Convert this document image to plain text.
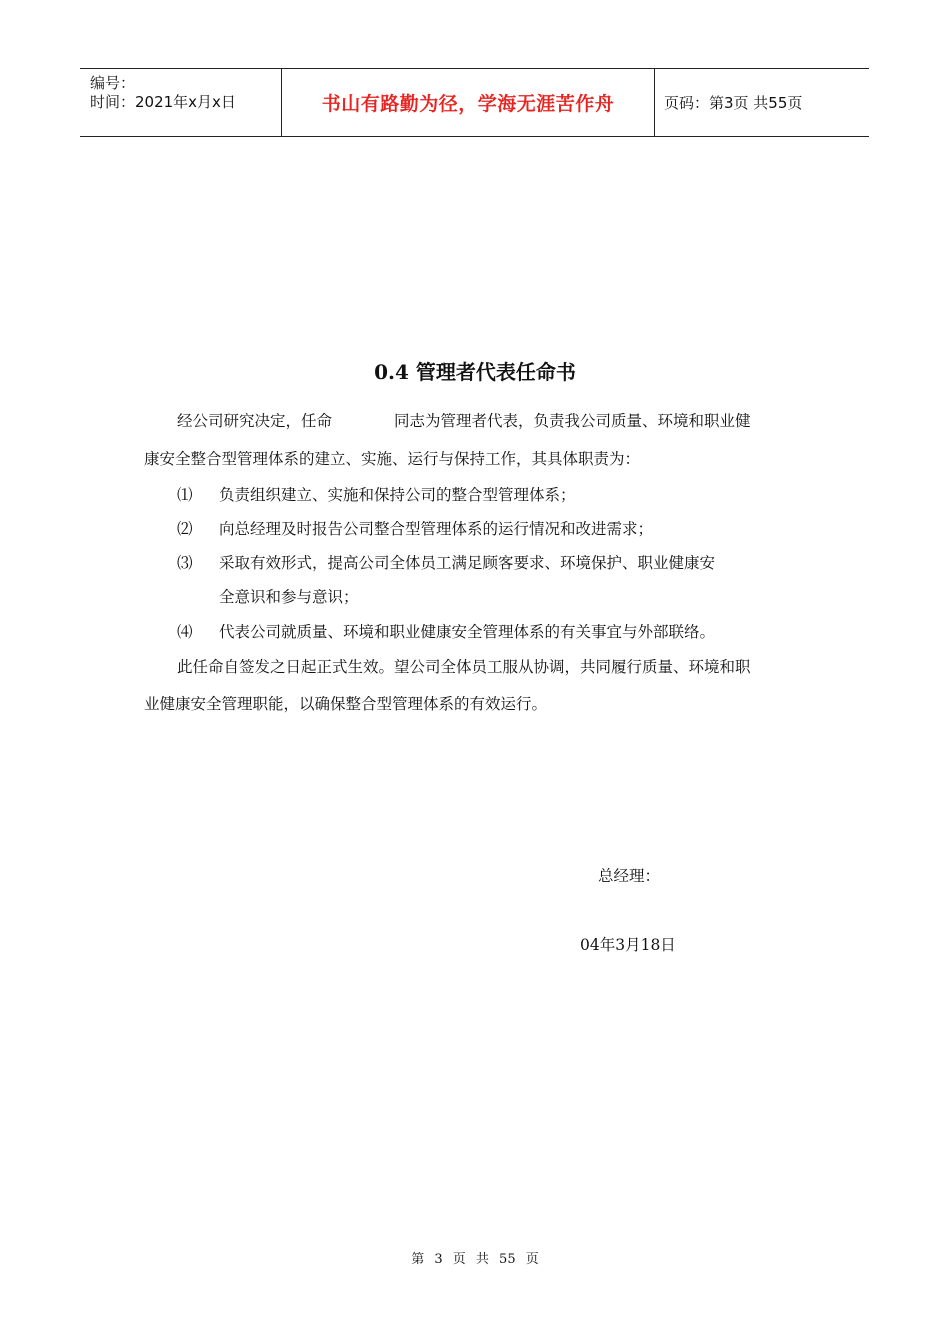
编号：
时间：2021年x月x日	书山有路勤为径，学海无涯苦作舟	页码：第3页 共55页
0.4 管理者代表任命书
经公司研究决定，任命	同志为管理者代表，负责我公司质量、环境和职业健
康安全整合型管理体系的建立、实施、运行与保持工作，其具体职责为：
⑴ 负责组织建立、实施和保持公司的整合型管理体系；
⑵ 向总经理及时报告公司整合型管理体系的运行情况和改进需求；
⑶ 采取有效形式，提高公司全体员工满足顾客要求、环境保护、职业健康安
全意识和参与意识；
⑷ 代表公司就质量、环境和职业健康安全管理体系的有关事宜与外部联络。
此任命自签发之日起正式生效。望公司全体员工服从协调，共同履行质量、环境和职
业健康安全管理职能，以确保整合型管理体系的有效运行。
总经理：
04年3月18日
第 3 页 共 55 页
